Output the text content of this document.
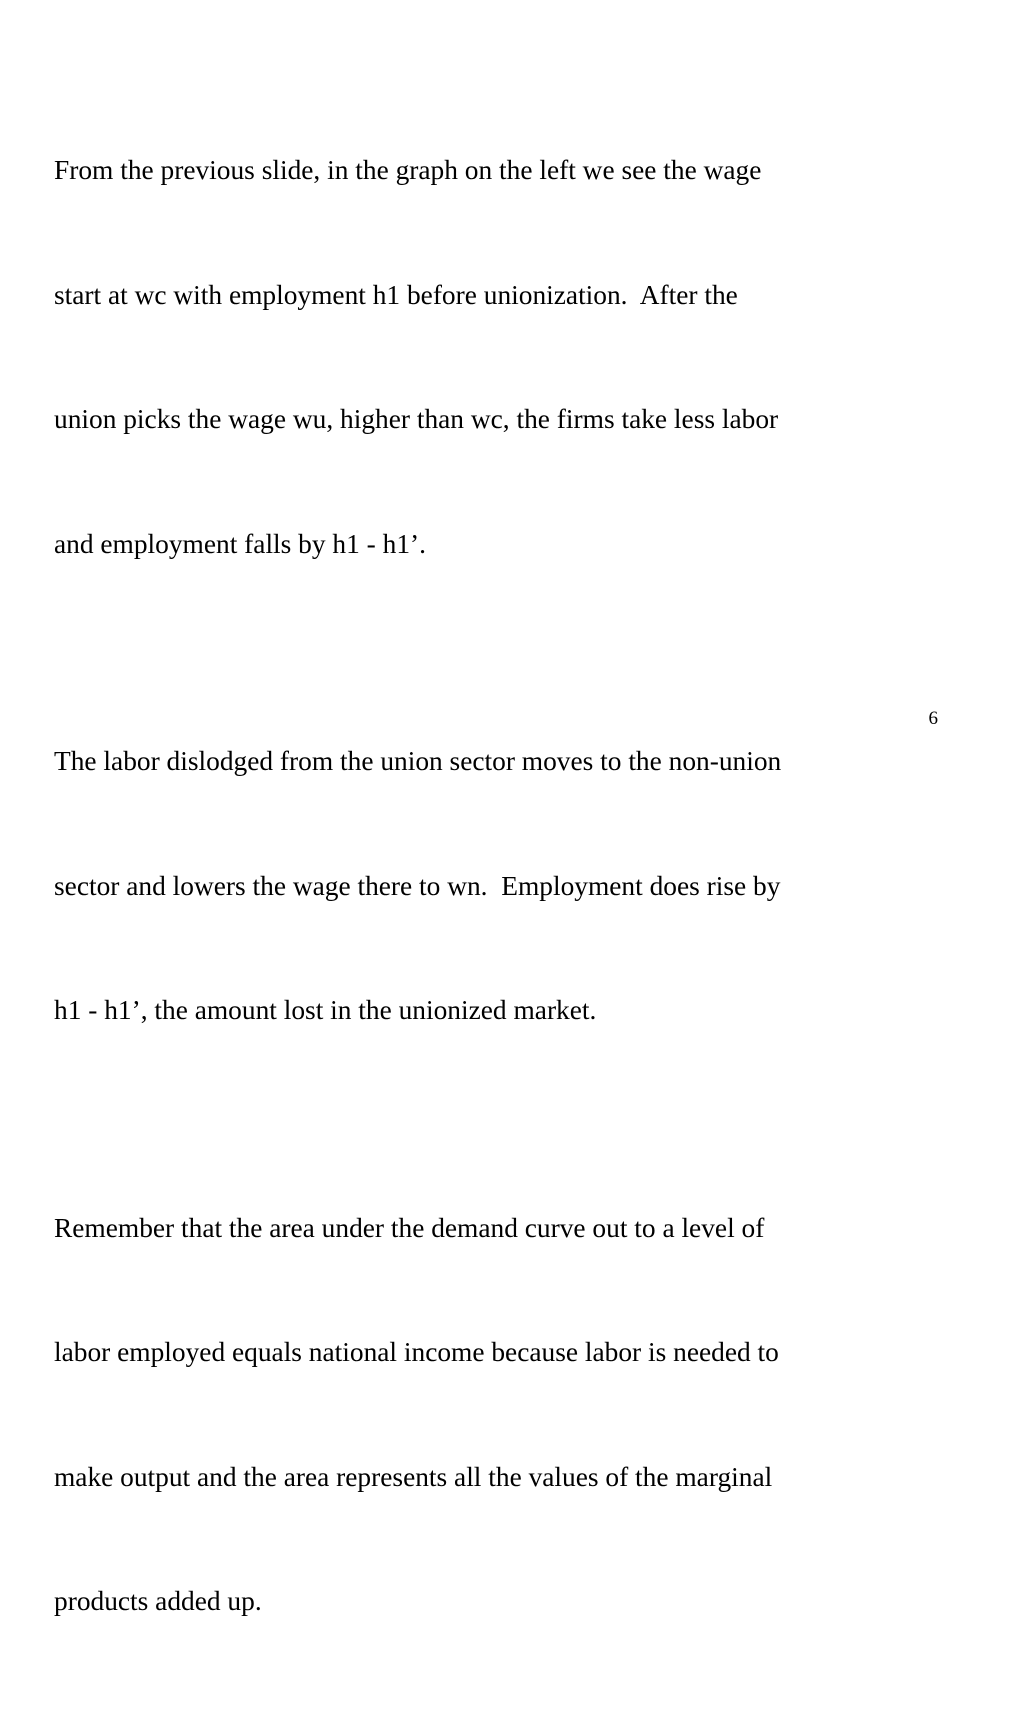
From the previous slide, in the graph on the left we see the wage

start at wc with employment h1 before unionization.  After the

union picks the wage wu, higher than wc, the firms take less labor

and employment falls by h1 - h1’.

The labor dislodged from the union sector moves to the non-union

sector and lowers the wage there to wn.  Employment does rise by

h1 - h1’, the amount lost in the unionized market.

Remember that the area under the demand curve out to a level of

labor employed equals national income because labor is needed to

make output and the area represents all the values of the marginal

products added up.

6
